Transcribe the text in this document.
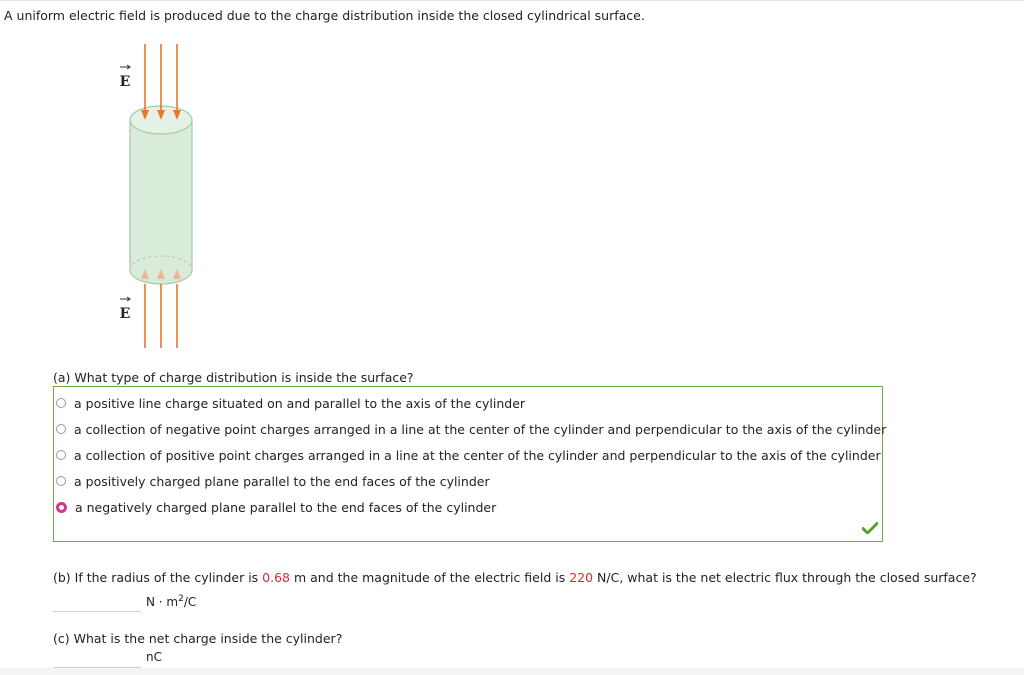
A uniform electric field is produced due to the charge distribution inside the closed cylindrical surface.
E
E
(a) What type of charge distribution is inside the surface?
a positive line charge situated on and parallel to the axis of the cylinder
a collection of negative point charges arranged in a line at the center of the cylinder and perpendicular to the axis of the cylinder
a collection of positive point charges arranged in a line at the center of the cylinder and perpendicular to the axis of the cylinder
a positively charged plane parallel to the end faces of the cylinder
a negatively charged plane parallel to the end faces of the cylinder
(b) If the radius of the cylinder is 0.68 m and the magnitude of the electric field is 220 N/C, what is the net electric flux through the closed surface?
$N \cdot m^2/C$
(c) What is the net charge inside the cylinder?
nC
